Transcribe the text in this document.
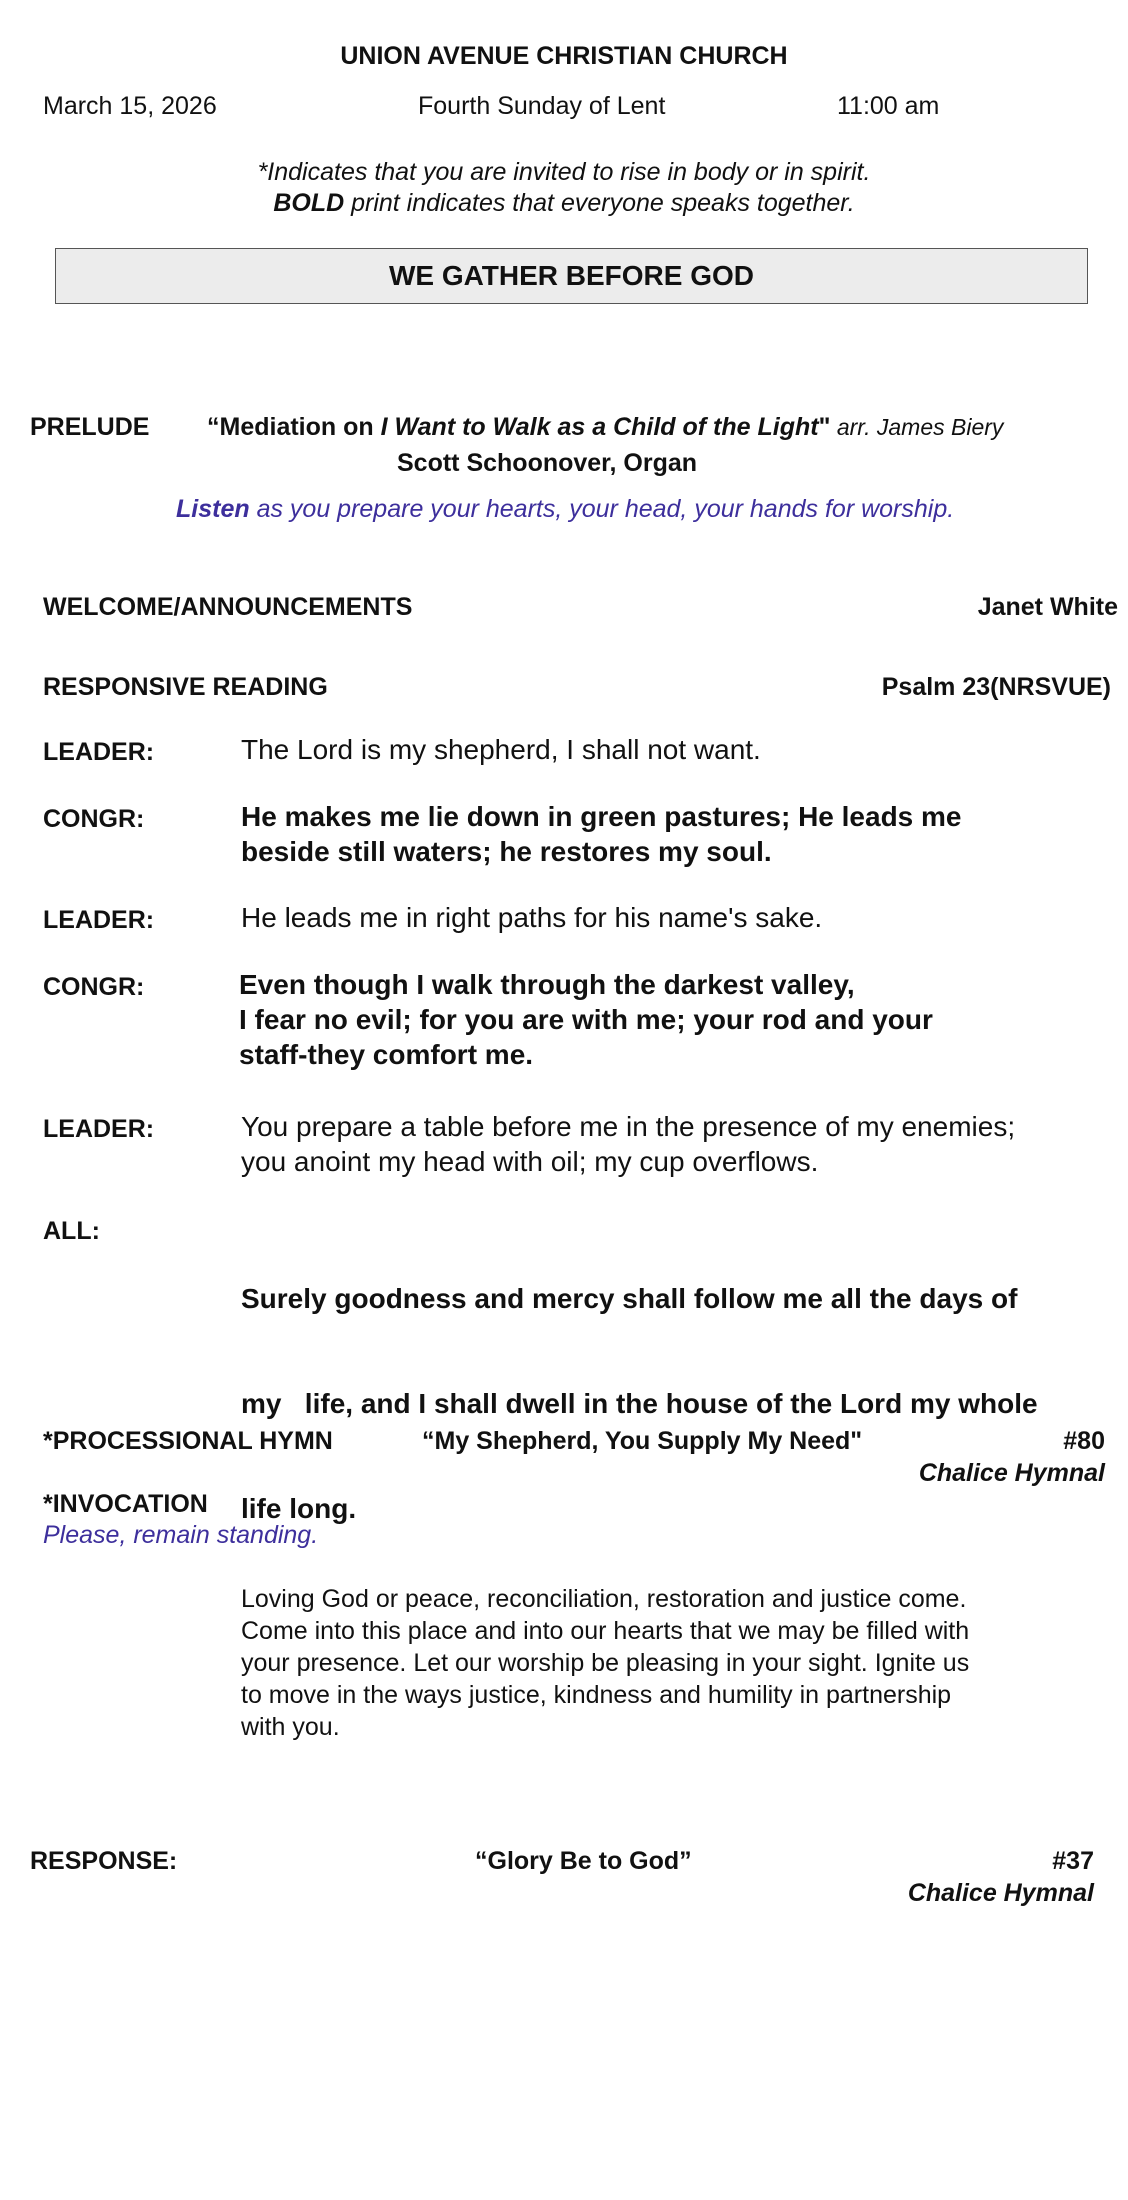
UNION AVENUE CHRISTIAN CHURCH
March 15, 2026	Fourth Sunday of Lent	11:00 am
*Indicates that you are invited to rise in body or in spirit.
BOLD print indicates that everyone speaks together.
WE GATHER BEFORE GOD
PRELUDE “Mediation on I Want to Walk as a Child of the Light" arr. James Biery
Scott Schoonover, Organ
Listen as you prepare your hearts, your head, your hands for worship.
WELCOME/ANNOUNCEMENTS	Janet White
RESPONSIVE READING	Psalm 23(NRSVUE)
LEADER:	The Lord is my shepherd, I shall not want.
CONGR:	He makes me lie down in green pastures; He leads me
beside still waters; he restores my soul.
LEADER:	He leads me in right paths for his name's sake.
CONGR:	Even though I walk through the darkest valley,
I fear no evil; for you are with me; your rod and your
staff-they comfort me.
LEADER:	You prepare a table before me in the presence of my enemies;
you anoint my head with oil; my cup overflows.
ALL:

Surely goodness and mercy shall follow me all the days of

my   life, and I shall dwell in the house of the Lord my whole

life long.

*PROCESSIONAL HYMN	“My Shepherd, You Supply My Need"	#80
Chalice Hymnal
*INVOCATION
Please, remain standing.
Loving God or peace, reconciliation, restoration and justice come.
Come into this place and into our hearts that we may be filled with
your presence. Let our worship be pleasing in your sight. Ignite us
to move in the ways justice, kindness and humility in partnership
with you.
RESPONSE:	“Glory Be to God”	#37
Chalice Hymnal
